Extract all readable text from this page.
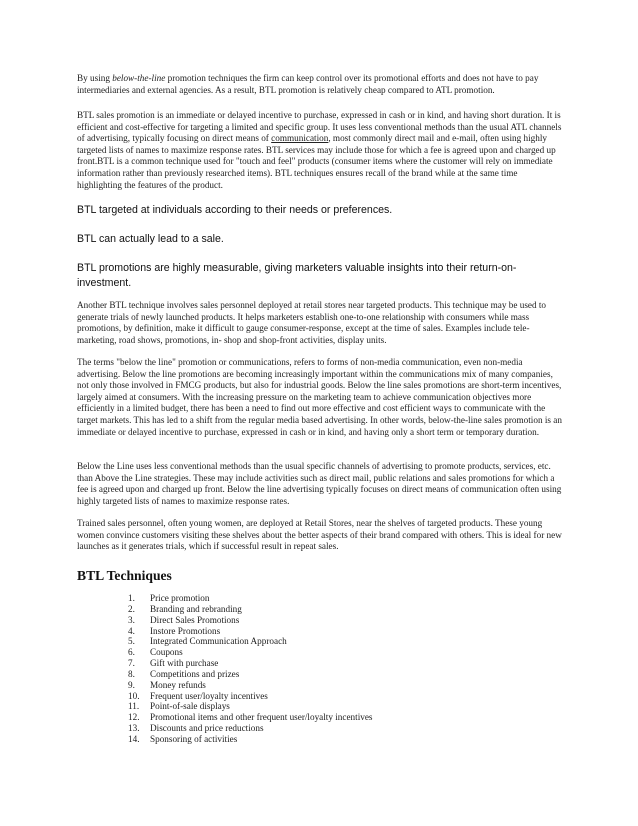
By using below-the-line promotion techniques the firm can keep control over its promotional efforts and does not have to pay intermediaries and external agencies. As a result, BTL promotion is relatively cheap compared to ATL promotion.

BTL sales promotion is an immediate or delayed incentive to purchase, expressed in cash or in kind, and having short duration. It is efficient and cost-effective for targeting a limited and specific group. It uses less conventional methods than the usual ATL channels of advertising, typically focusing on direct means of communication, most commonly direct mail and e-mail, often using highly targeted lists of names to maximize response rates. BTL services may include those for which a fee is agreed upon and charged up front.BTL is a common technique used for "touch and feel" products (consumer items where the customer will rely on immediate information rather than previously researched items). BTL techniques ensures recall of the brand while at the same time highlighting the features of the product.

BTL targeted at individuals according to their needs or preferences.

BTL can actually lead to a sale.

BTL promotions are highly measurable, giving marketers valuable insights into their return-on-investment.

Another BTL technique involves sales personnel deployed at retail stores near targeted products. This technique may be used to generate trials of newly launched products. It helps marketers establish one-to-one relationship with consumers while mass promotions, by definition, make it difficult to gauge consumer-response, except at the time of sales. Examples include tele-marketing, road shows, promotions, in- shop and shop-front activities, display units.

The terms "below the line" promotion or communications, refers to forms of non-media communication, even non-media advertising. Below the line promotions are becoming increasingly important within the communications mix of many companies, not only those involved in FMCG products, but also for industrial goods. Below the line sales promotions are short-term incentives, largely aimed at consumers. With the increasing pressure on the marketing team to achieve communication objectives more efficiently in a limited budget, there has been a need to find out more effective and cost efficient ways to communicate with the target markets. This has led to a shift from the regular media based advertising. In other words, below-the-line sales promotion is an immediate or delayed incentive to purchase, expressed in cash or in kind, and having only a short term or temporary duration.

Below the Line uses less conventional methods than the usual specific channels of advertising to promote products, services, etc. than Above the Line strategies. These may include activities such as direct mail, public relations and sales promotions for which a fee is agreed upon and charged up front. Below the line advertising typically focuses on direct means of communication often using highly targeted lists of names to maximize response rates.

Trained sales personnel, often young women, are deployed at Retail Stores, near the shelves of targeted products. These young women convince customers visiting these shelves about the better aspects of their brand compared with others. This is ideal for new launches as it generates trials, which if successful result in repeat sales.

BTL Techniques
1.	Price promotion
2.	Branding and rebranding
3.	Direct Sales Promotions
4.	Instore Promotions
5.	Integrated Communication Approach
6.	Coupons
7.	Gift with purchase
8.	Competitions and prizes
9.	Money refunds
10.	Frequent user/loyalty incentives
11.	Point-of-sale displays
12.	Promotional items and other frequent user/loyalty incentives
13.	Discounts and price reductions
14.	Sponsoring of activities
